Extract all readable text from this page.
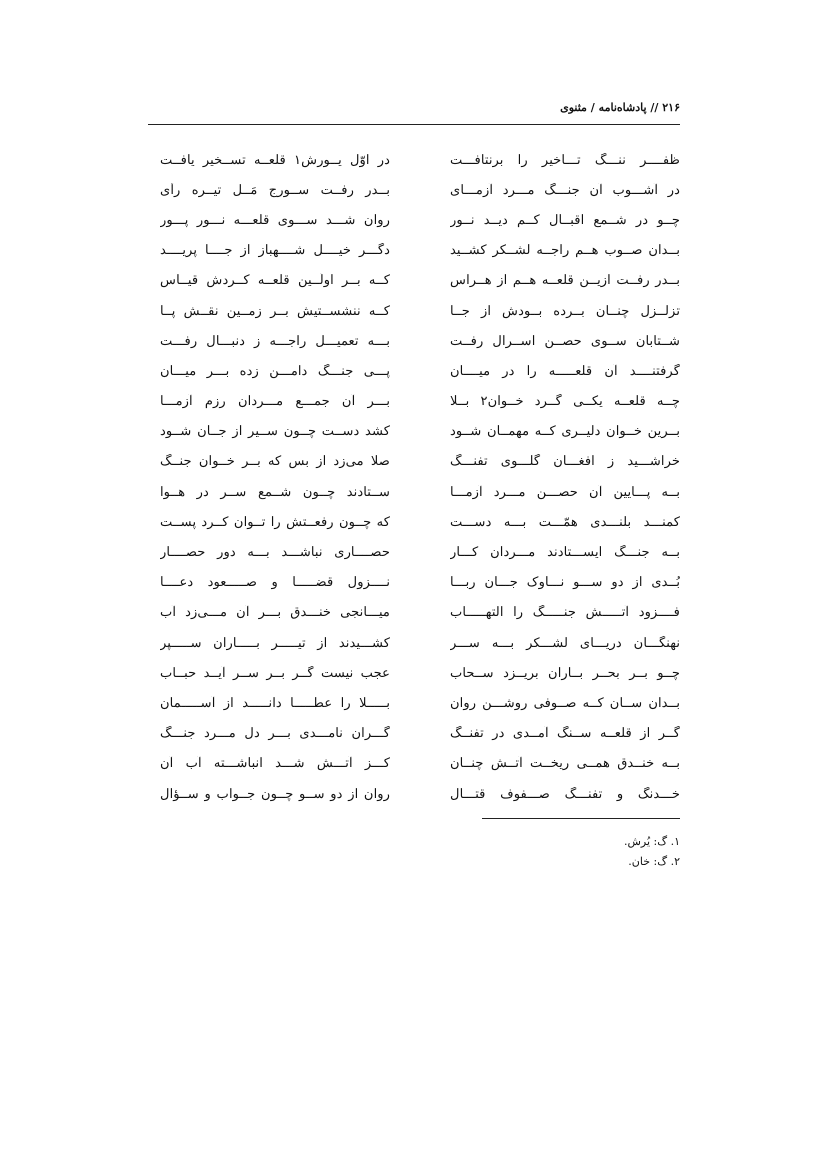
۲۱۶ // پادشاه‌نامه / مثنوی
ظفــــر ننـــگ تـــأخیر را برنتافـــت
در اوّل یــورش۱ قلعــه تســخیر یافــت
در آشـــوب آن جنـــگ مـــرد آزمـــای
بــدر رفــت ســورج مَــل تیــره رأی
چــو در شــمع اقبــال کــم دیــد نــور
روان شـــد ســـوی قلعـــه نـــور پـــور
بــدان صــوب هــم راجــه لشــکر کشــید
دگـــر خیــــل شــــهباز از جــــا پریــــد
بــدر رفــت ازیــن قلعــه هــم از هــراس
کــه بــر اولّــین قلعــه کــردش قیــاس
تزلــزل چنــان بــرده بــودش از جــا
کــه ننشســتیش بــر زمــین نقــش پــا
شــتابان ســوی حصــن اســرال رفــت
بـــه تعمیـــل راجـــه ز دنبـــال رفـــت
گرفتنــــد آن قلعـــــه را در میــــان
پـــی جنـــگ دامـــن زده بـــر میـــان
چــه قلعــه یکــی گــرد خــوان۲ بــلا
بـــر آن جمـــع مـــردان رزم آزمـــا
بــرین خــوان دلیــری کــه مهمــان شــود
کشد دســت چــون ســیر از جــان شــود
خراشـــید ز افغـــان گلـــوی تفنـــگ
صلا می‌زد از بس که بــر خــوان جنــگ
بــه پـــایین آن حصـــن مـــرد آزمـــا
ســتادند چــون شــمع ســر در هــوا
کمنـــد بلنـــدی همّـــت بـــه دســـت
که چــون رفعــتش را تــوان کــرد پســت
بــه جنـــگ ایســـتادند مـــردان کـــار
حصــــاری نباشـــد بـــه دور حصــــار
بُــدی از دو ســـو نـــاوک جـــان ربـــا
نــــزول قضـــــا و صـــــعود دعــــا
فــــزود آتـــــش جنـــــگ را التهـــــاب
میـــانجی خنـــدق بـــر آن مـــی‌زد آب
نهنگـــان دریـــای لشـــکر بـــه ســـر
کشـــیدند از تیـــــر بـــــاران ســـــپر
چــو بــر بحــر بــاران بریــزد ســحاب
عجب نیست گــر بــر ســر آیــد حبــاب
بــدان ســان کــه صــوفی روشـــن روان
بـــــلا را عطـــــا دانـــــد از آســـــمان
گــر از قلعــه ســنگ آمــدی در تفنــگ
گـــران نامـــدی بـــر دل مـــرد جنـــگ
بــه خنــدق همــی ریخــت آتــش چنــان
کـــز آتـــش شـــد انباشـــته آب آن
خـــدنگ و تفنـــگ صـــفوف قتـــال
روان از دو ســو چــون جــواب و ســؤال
۱. گ: یُرش.
۲. گ: خان.
